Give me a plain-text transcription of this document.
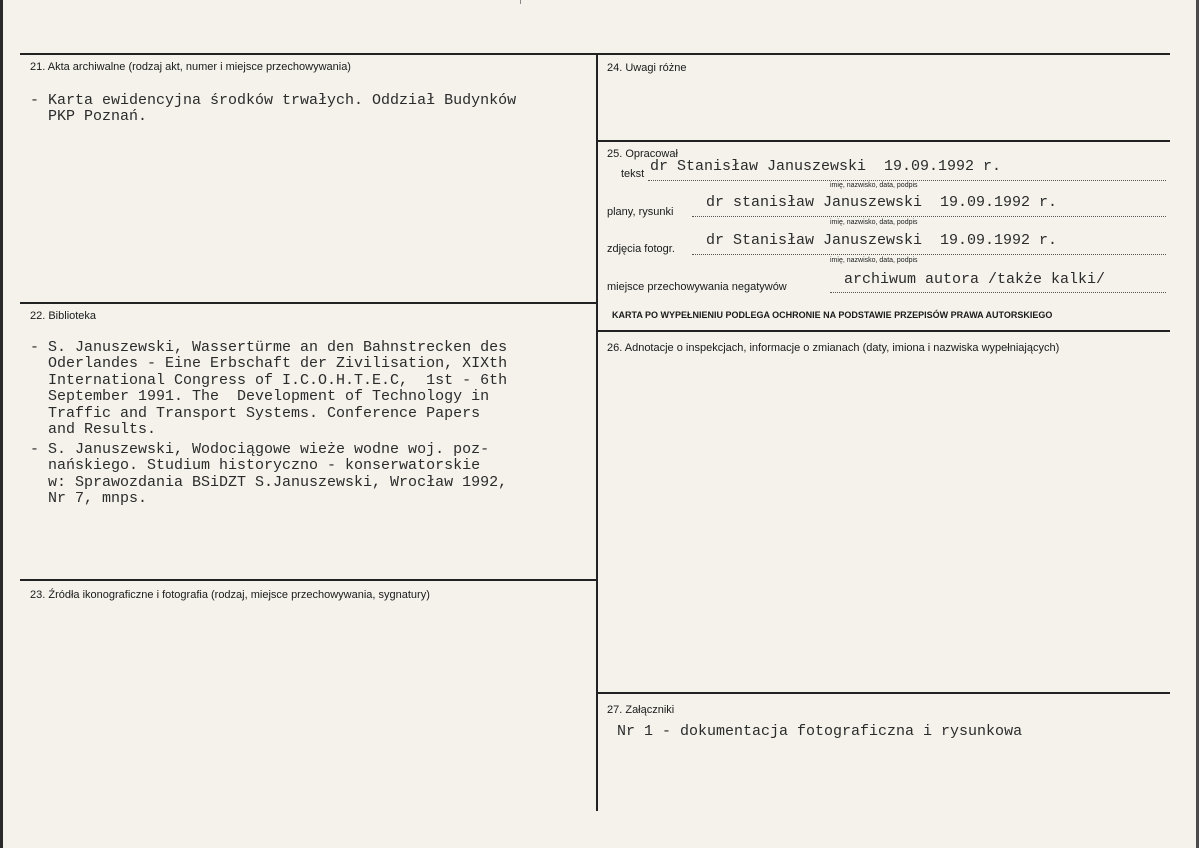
21. Akta archiwalne (rodzaj akt, numer i miejsce przechowywania)
- Karta ewidencyjna środków trwałych. Oddział Budynków
PKP Poznań.
22. Biblioteka
- S. Januszewski, Wassertürme an den Bahnstrecken des
Oderlandes - Eine Erbschaft der Zivilisation, XIXth
International Congress of I.C.O.H.T.E.C,  1st - 6th
September 1991. The  Development of Technology in
Traffic and Transport Systems. Conference Papers
and Results.
- S. Januszewski, Wodociągowe wieże wodne woj. poz-
nańskiego. Studium historyczno - konserwatorskie
w: Sprawozdania BSiDZT S.Januszewski, Wrocław 1992,
Nr 7, mnps.
23. Źródła ikonograficzne i fotografia (rodzaj, miejsce przechowywania, sygnatury)
24. Uwagi różne
25. Opracował
tekst dr Stanisław Januszewski  19.09.1992 r.
imię, nazwisko, data, podpis
plany, rysunki
dr stanisław Januszewski  19.09.1992 r.
imię, nazwisko, data, podpis
zdjęcia fotogr. dr Stanisław Januszewski  19.09.1992 r.
imię, nazwisko, data, podpis
miejsce przechowywania negatywów	archiwum autora /także kalki/
KARTA PO WYPEŁNIENIU PODLEGA OCHRONIE NA PODSTAWIE PRZEPISÓW PRAWA AUTORSKIEGO
26. Adnotacje o inspekcjach, informacje o zmianach (daty, imiona i nazwiska wypełniających)
27. Załączniki
Nr 1 - dokumentacja fotograficzna i rysunkowa
